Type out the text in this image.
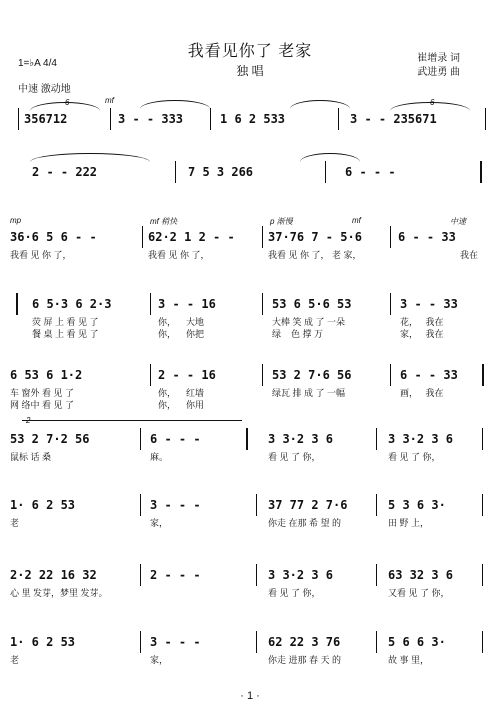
我看见你了 老家
独 唱
崔增录 词
武进勇 曲
1=♭A 4/4
中速 激动地
mf
6	6
356712	3 - - 333	1 6 2 533	3 - - 235671
2 - - 222	7 5 3 266	6 - - -
mp	mf 稍快	p 渐慢	mf	中速
36·6 5 6 - -	62·2 1 2 - -	37·76 7 - 5·6	6 - - 33
我看 见 你 了，	我看 见 你 了，	我看 见 你 了， 老 家，	我在
6 5·3 6 2·3	3 - - 16	53 6 5·6 53	3 - - 33
荧 屏 上 看 见 了	你，    大地	大棒 笑 成 了 一朵	花，   我在
餐 桌 上 看 见 了	你，    你把	绿    色 撑 万	家，   我在
6 53 6 1·2	2 - - 16	53 2 7·6 56	6 - - 33
车 窗外 看 见 了	你，    红墙	绿瓦 排 成 了 一幅	画，   我在
网 络中 看 见 了	你，    你用
53 2 7·2 56	6 - - -	3 3·2 3 6	3 3·2 3 6
鼠标 话 桑	麻。	看 见 了 你，	看 见 了 你，
1· 6 2 53	3 - - -	37 77 2 7·6	5 3 6 3·
老	家，	你走 在那 希 望 的	田 野 上，
2·2 22 16 32	2 - - -	3 3·2 3 6	63 32 3 6
心 里 发芽，梦里 发芽。	看 见 了 你，	又看 见 了 你，
1· 6 2 53	3 - - -	62 22 3 76	5 6 6 3·
老	家，	你走 进那 春 天 的	故 事 里，
· 1 ·
